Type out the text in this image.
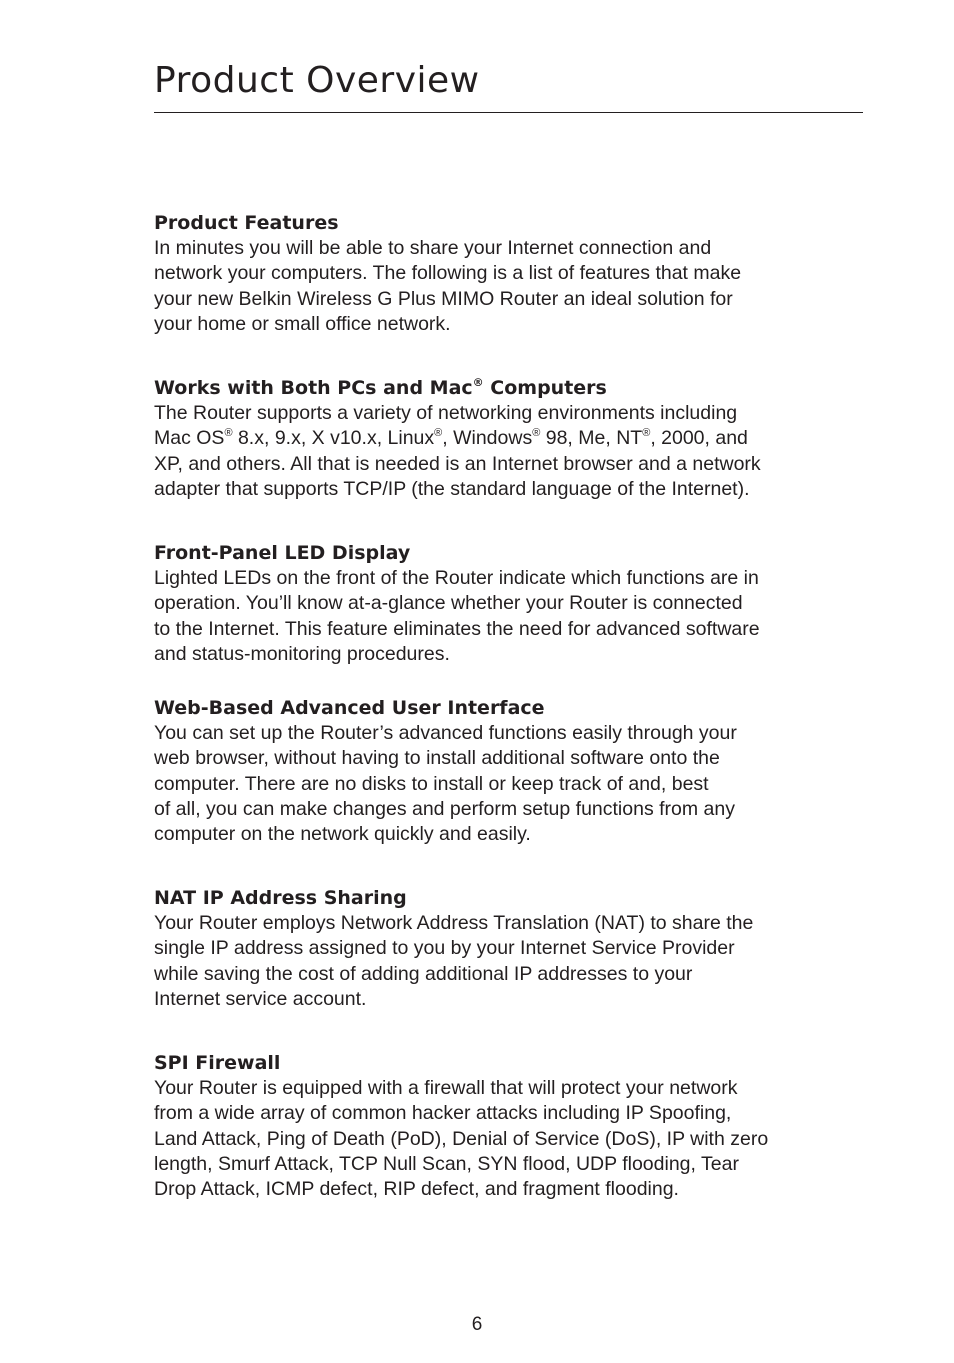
Product Overview
Product Features

In minutes you will be able to share your Internet connection and
network your computers. The following is a list of features that make
your new Belkin Wireless G Plus MIMO Router an ideal solution for
your home or small office network.

Works with Both PCs and Mac® Computers

The Router supports a variety of networking environments including
Mac OS® 8.x, 9.x, X v10.x, Linux®, Windows® 98, Me, NT®, 2000, and
XP, and others. All that is needed is an Internet browser and a network
adapter that supports TCP/IP (the standard language of the Internet).

Front-Panel LED Display

Lighted LEDs on the front of the Router indicate which functions are in
operation. You’ll know at-a-glance whether your Router is connected
to the Internet. This feature eliminates the need for advanced software
and status-monitoring procedures.

Web-Based Advanced User Interface

You can set up the Router’s advanced functions easily through your
web browser, without having to install additional software onto the
computer. There are no disks to install or keep track of and, best
of all, you can make changes and perform setup functions from any
computer on the network quickly and easily.

NAT IP Address Sharing

Your Router employs Network Address Translation (NAT) to share the
single IP address assigned to you by your Internet Service Provider
while saving the cost of adding additional IP addresses to your
Internet service account.

SPI Firewall

Your Router is equipped with a firewall that will protect your network
from a wide array of common hacker attacks including IP Spoofing,
Land Attack, Ping of Death (PoD), Denial of Service (DoS), IP with zero
length, Smurf Attack, TCP Null Scan, SYN flood, UDP flooding, Tear
Drop Attack, ICMP defect, RIP defect, and fragment flooding.

6
